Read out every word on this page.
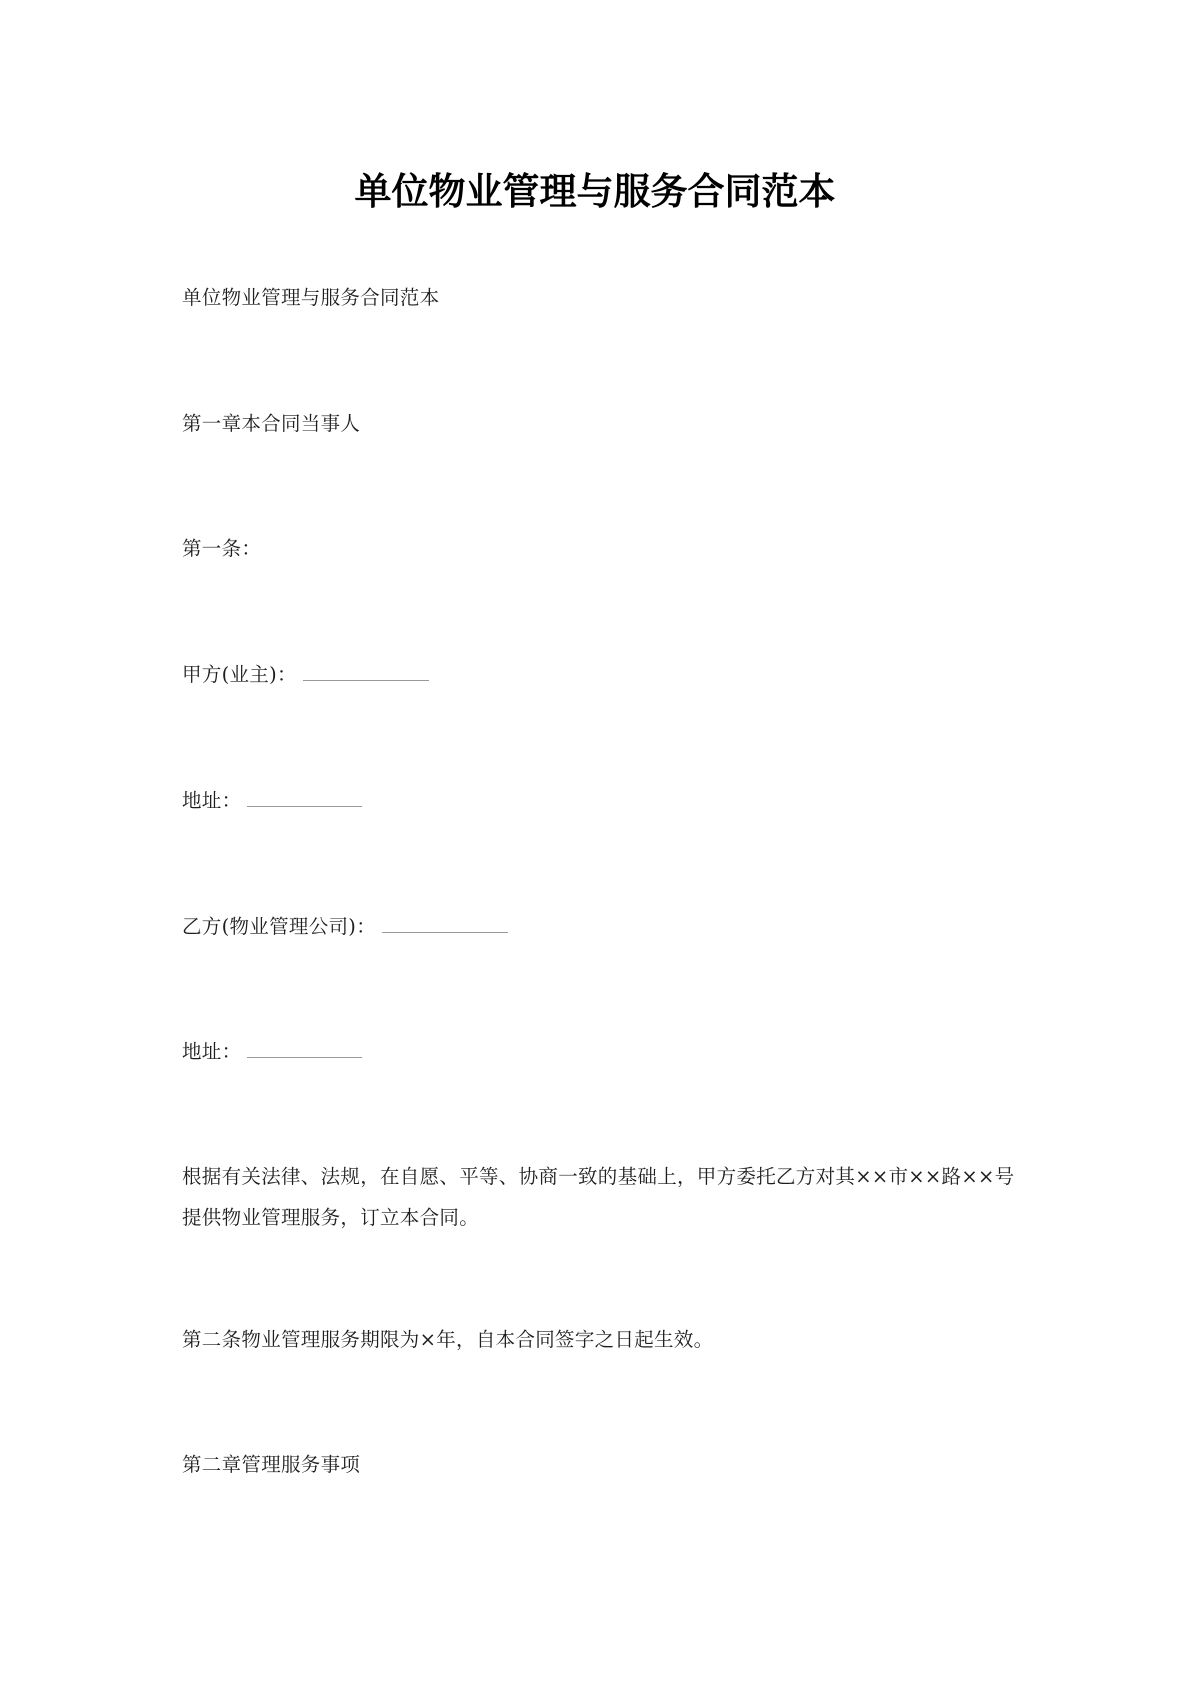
单位物业管理与服务合同范本
单位物业管理与服务合同范本
第一章本合同当事人
第一条：
甲方(业主)：
地址：
乙方(物业管理公司)：
地址：
根据有关法律、法规，在自愿、平等、协商一致的基础上，甲方委托乙方对其××市××路××号提供物业管理服务，订立本合同。
第二条物业管理服务期限为×年，自本合同签字之日起生效。
第二章管理服务事项
